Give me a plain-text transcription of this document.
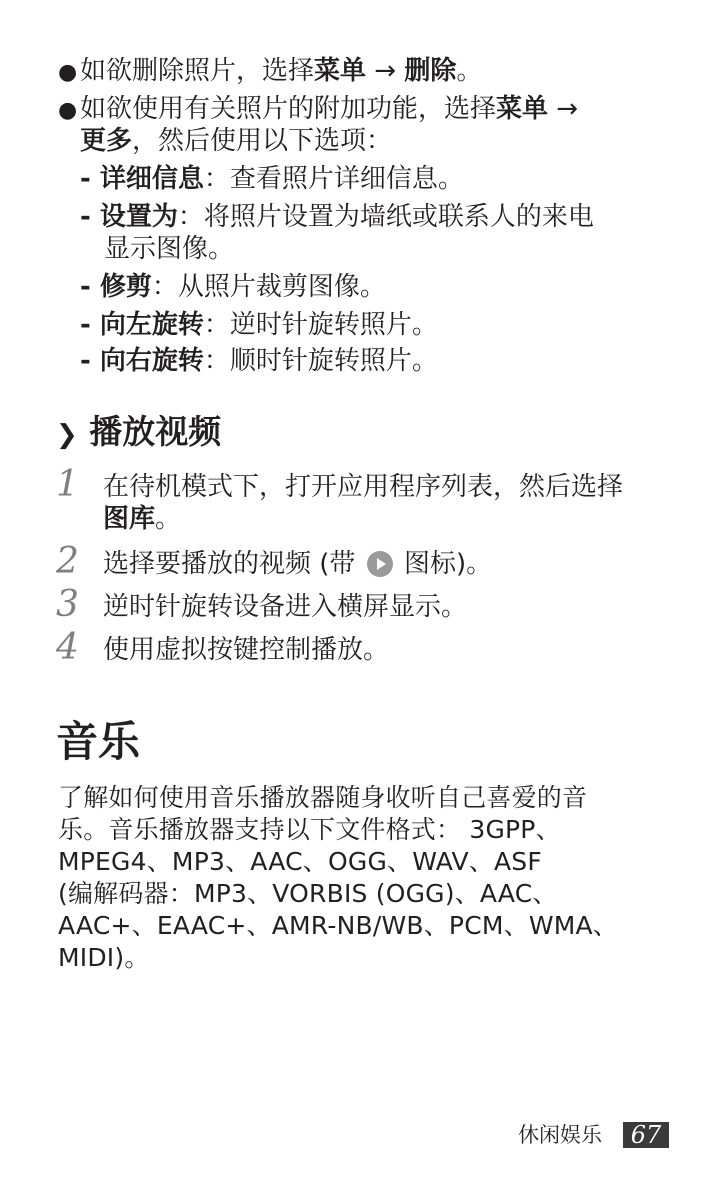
● 如欲删除照片，选择菜单 → 删除。
● 如欲使用有关照片的附加功能，选择菜单 →
更多，然后使用以下选项：
- 详细信息：查看照片详细信息。
- 设置为：将照片设置为墙纸或联系人的来电
显示图像。
- 修剪：从照片裁剪图像。
- 向左旋转：逆时针旋转照片。
- 向右旋转：顺时针旋转照片。
❯ 播放视频
1 在待机模式下，打开应用程序列表，然后选择
图库。
2 选择要播放的视频 (带  图标)。
3 逆时针旋转设备进入横屏显示。
4 使用虚拟按键控制播放。
音乐
了解如何使用音乐播放器随身收听自己喜爱的音
乐。音乐播放器支持以下文件格式： 3GPP、
MPEG4、MP3、AAC、OGG、WAV、ASF
(编解码器：MP3、VORBIS (OGG)、AAC、
AAC+、EAAC+、AMR-NB/WB、PCM、WMA、
MIDI)。
休闲娱乐	67
